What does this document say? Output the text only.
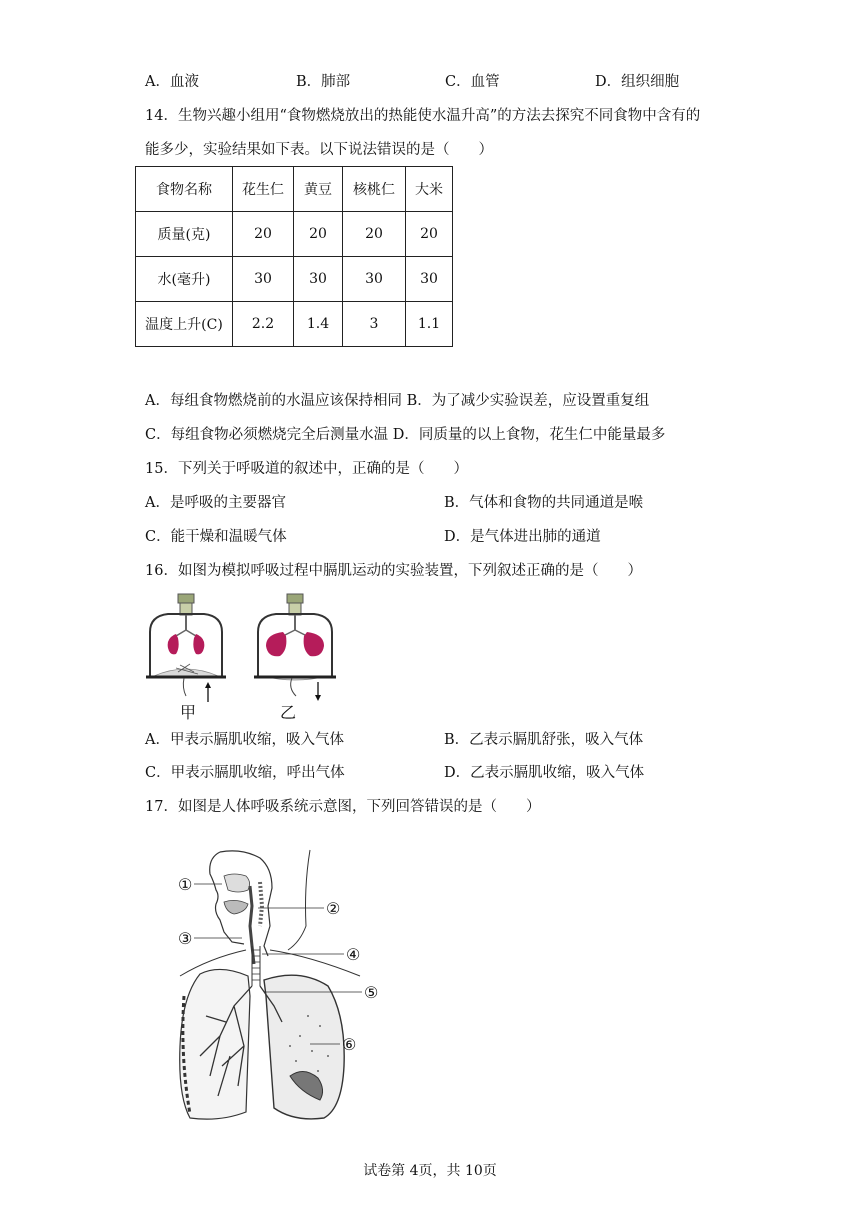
A．血液	B．肺部	C．血管	D．组织细胞
14．生物兴趣小组用“食物燃烧放出的热能使水温升高”的方法去探究不同食物中含有的
能多少，实验结果如下表。以下说法错误的是（　　）
食物名称	花生仁	黄豆	核桃仁	大米
质量(克)	20	20	20	20
水(毫升)	30	30	30	30
温度上升(C)	2.2	1.4	3	1.1
A．每组食物燃烧前的水温应该保持相同 B．为了减少实验误差，应设置重复组
C．每组食物必须燃烧完全后测量水温 D．同质量的以上食物，花生仁中能量最多
15．下列关于呼吸道的叙述中，正确的是（　　）
A．是呼吸的主要器官	B．气体和食物的共同通道是喉
C．能干燥和温暖气体	D．是气体进出肺的通道
16．如图为模拟呼吸过程中膈肌运动的实验装置，下列叙述正确的是（　　）
甲	乙
A．甲表示膈肌收缩，吸入气体	B．乙表示膈肌舒张，吸入气体
C．甲表示膈肌收缩，呼出气体	D．乙表示膈肌收缩，吸入气体
17．如图是人体呼吸系统示意图，下列回答错误的是（　　）
①
②
③
④
⑤
⑥
试卷第 4页，共 10页
